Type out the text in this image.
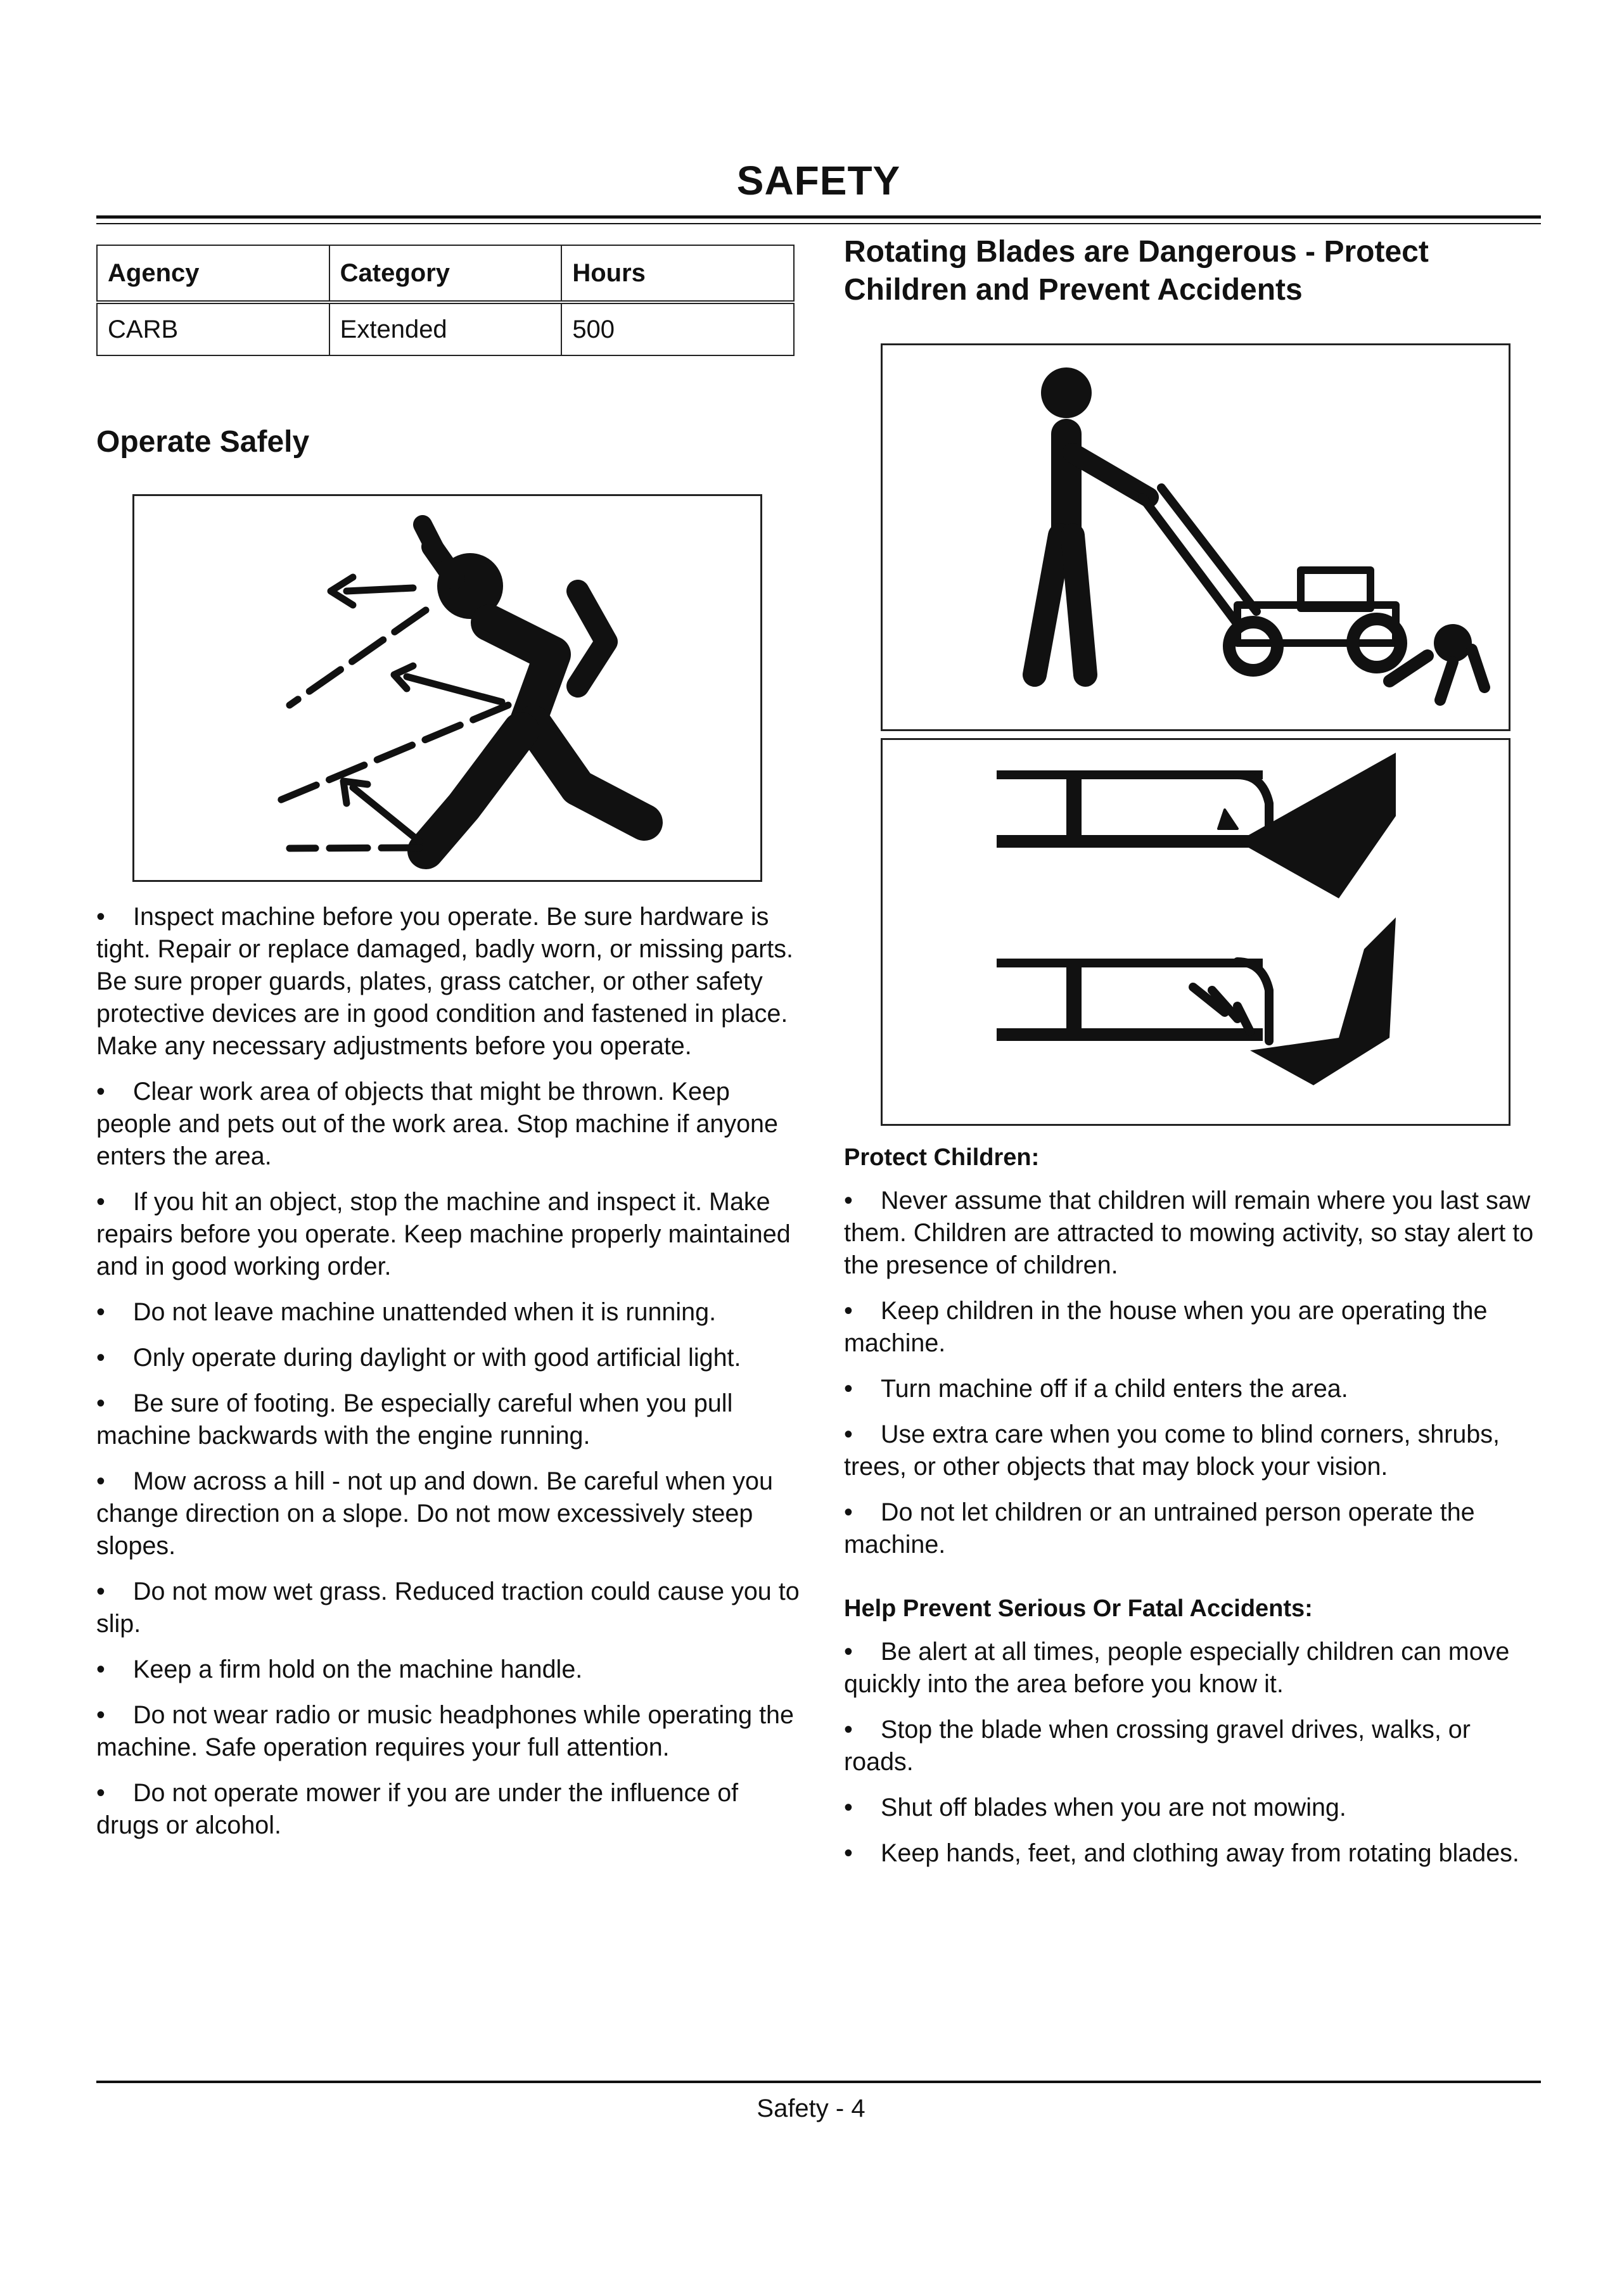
SAFETY
Agency	Category	Hours
CARB	Extended	500
Operate Safely
• Inspect machine before you operate. Be sure hardware is tight. Repair or replace damaged, badly worn, or missing parts. Be sure proper guards, plates, grass catcher, or other safety protective devices are in good condition and fastened in place. Make any necessary adjustments before you operate.
• Clear work area of objects that might be thrown. Keep people and pets out of the work area. Stop machine if anyone enters the area.
• If you hit an object, stop the machine and inspect it. Make repairs before you operate. Keep machine properly maintained and in good working order.
• Do not leave machine unattended when it is running.
• Only operate during daylight or with good artificial light.
• Be sure of footing. Be especially careful when you pull machine backwards with the engine running.
• Mow across a hill - not up and down. Be careful when you change direction on a slope. Do not mow excessively steep slopes.
• Do not mow wet grass. Reduced traction could cause you to slip.
• Keep a firm hold on the machine handle.
• Do not wear radio or music headphones while operating the machine. Safe operation requires your full attention.
• Do not operate mower if you are under the influence of drugs or alcohol.
Rotating Blades are Dangerous - Protect Children and Prevent Accidents
Protect Children:
• Never assume that children will remain where you last saw them. Children are attracted to mowing activity, so stay alert to the presence of children.
• Keep children in the house when you are operating the machine.
• Turn machine off if a child enters the area.
• Use extra care when you come to blind corners, shrubs, trees, or other objects that may block your vision.
• Do not let children or an untrained person operate the machine.
Help Prevent Serious Or Fatal Accidents:
• Be alert at all times, people especially children can move quickly into the area before you know it.
• Stop the blade when crossing gravel drives, walks, or roads.
• Shut off blades when you are not mowing.
• Keep hands, feet, and clothing away from rotating blades.
Safety - 4
